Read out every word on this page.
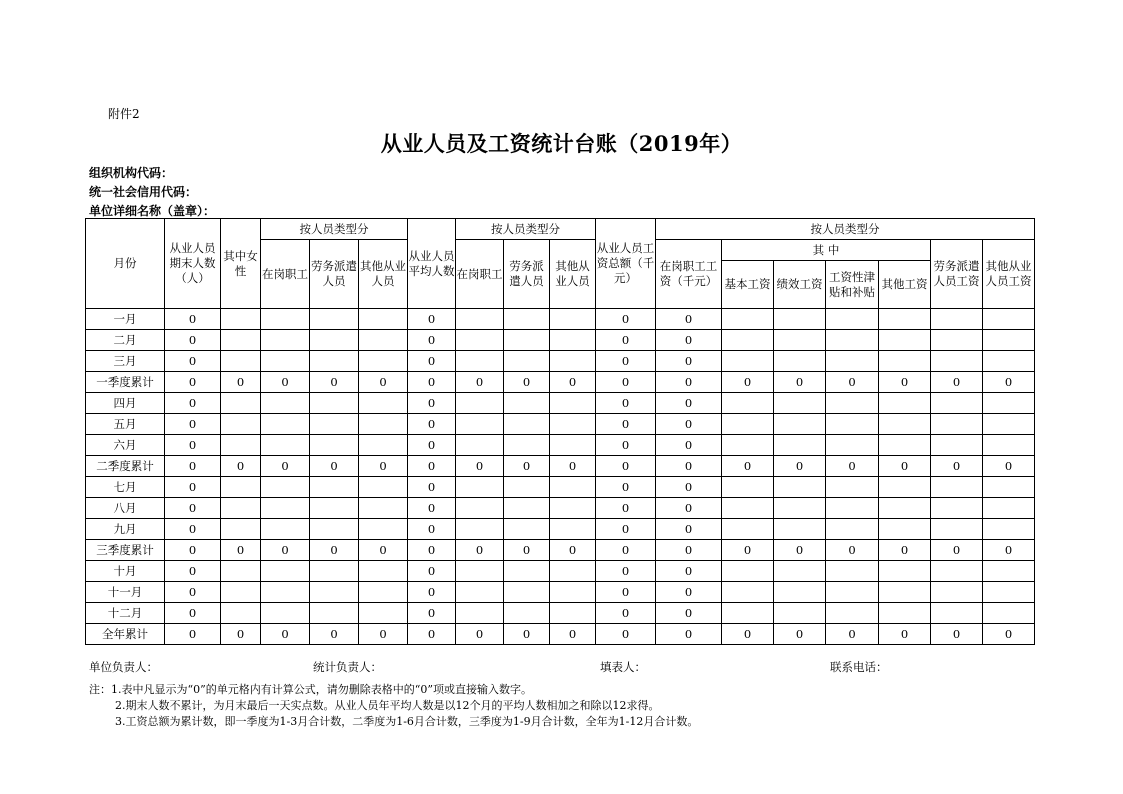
附件2
从业人员及工资统计台账（2019年）
组织机构代码：
统一社会信用代码：
单位详细名称（盖章）：
月份	从业人员期末人数（人）	其中女性	按人员类型分			从业人员平均人数	按人员类型分			从业人员工资总额（千元）	按人员类型分						
			在岗职工	劳务派遣人员	其他从业人员		在岗职工	劳务派遣人员	其他从业人员		在岗职工工资（千元）	其 中				劳务派遣人员工资	其他从业人员工资
												基本工资	绩效工资	工资性津贴和补贴	其他工资		
一月	0					0				0	0						
二月	0					0				0	0						
三月	0					0				0	0						
一季度累计	0	0	0	0	0	0	0	0	0	0	0	0	0	0	0	0	0
四月	0					0				0	0						
五月	0					0				0	0						
六月	0					0				0	0						
二季度累计	0	0	0	0	0	0	0	0	0	0	0	0	0	0	0	0	0
七月	0					0				0	0						
八月	0					0				0	0						
九月	0					0				0	0						
三季度累计	0	0	0	0	0	0	0	0	0	0	0	0	0	0	0	0	0
十月	0					0				0	0						
十一月	0					0				0	0						
十二月	0					0				0	0						
全年累计	0	0	0	0	0	0	0	0	0	0	0	0	0	0	0	0	0
单位负责人：	统计负责人：	填表人：	联系电话：
注：1.表中凡显示为“0”的单元格内有计算公式，请勿删除表格中的“0”项或直接输入数字。
2.期末人数不累计，为月末最后一天实点数。从业人员年平均人数是以12个月的平均人数相加之和除以12求得。
3.工资总额为累计数，即一季度为1-3月合计数，二季度为1-6月合计数，三季度为1-9月合计数，全年为1-12月合计数。
